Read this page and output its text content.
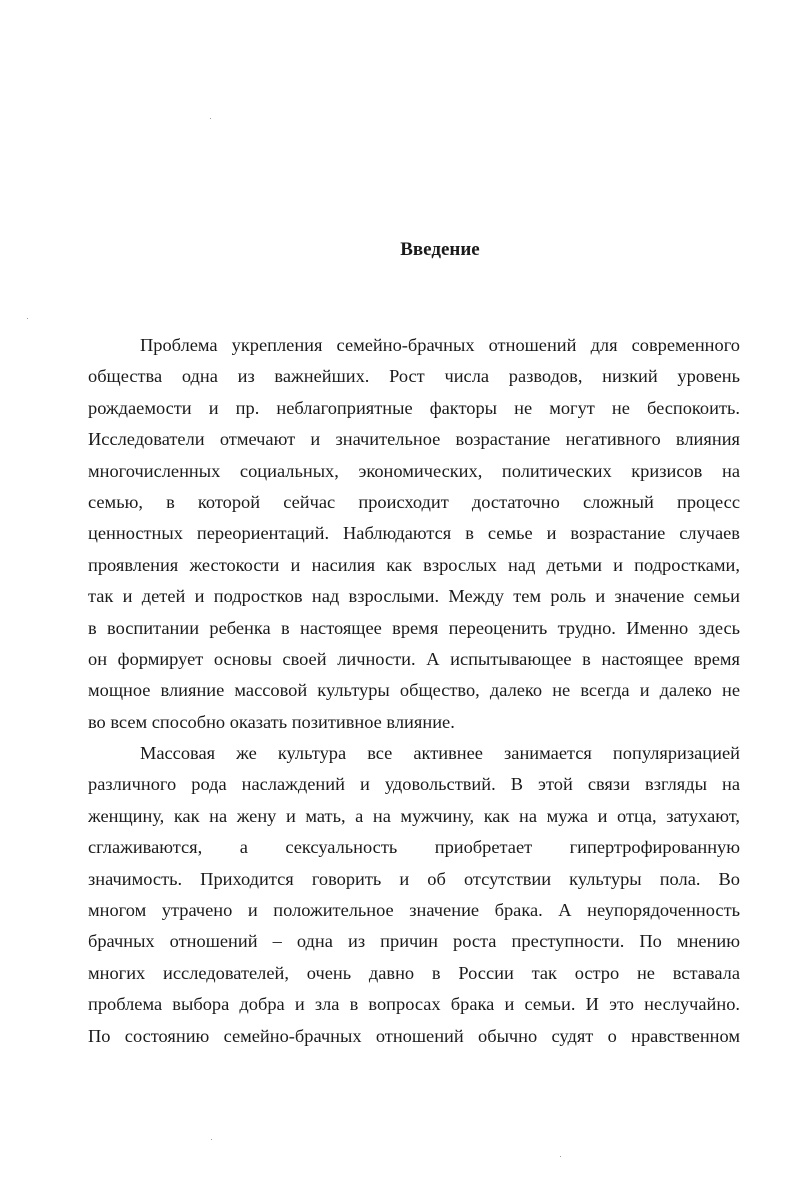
Введение
Проблема укрепления семейно-брачных отношений для современного
общества одна из важнейших. Рост числа разводов, низкий уровень
рождаемости и пр. неблагоприятные факторы не могут не беспокоить.
Исследователи отмечают и значительное возрастание негативного влияния
многочисленных социальных, экономических, политических кризисов на
семью, в которой сейчас происходит достаточно сложный процесс
ценностных переориентаций. Наблюдаются в семье и возрастание случаев
проявления жестокости и насилия как взрослых над детьми и подростками,
так и детей и подростков над взрослыми. Между тем роль и значение семьи
в воспитании ребенка в настоящее время переоценить трудно. Именно здесь
он формирует основы своей личности. А испытывающее в настоящее время
мощное влияние массовой культуры общество, далеко не всегда и далеко не
во всем способно оказать позитивное влияние.
Массовая же культура все активнее занимается популяризацией
различного рода наслаждений и удовольствий. В этой связи взгляды на
женщину, как на жену и мать, а на мужчину, как на мужа и отца, затухают,
сглаживаются, а сексуальность приобретает гипертрофированную
значимость. Приходится говорить и об отсутствии культуры пола. Во
многом утрачено и положительное значение брака. А неупорядоченность
брачных отношений – одна из причин роста преступности. По мнению
многих исследователей, очень давно в России так остро не вставала
проблема выбора добра и зла в вопросах брака и семьи. И это неслучайно.
По состоянию семейно-брачных отношений обычно судят о нравственном
